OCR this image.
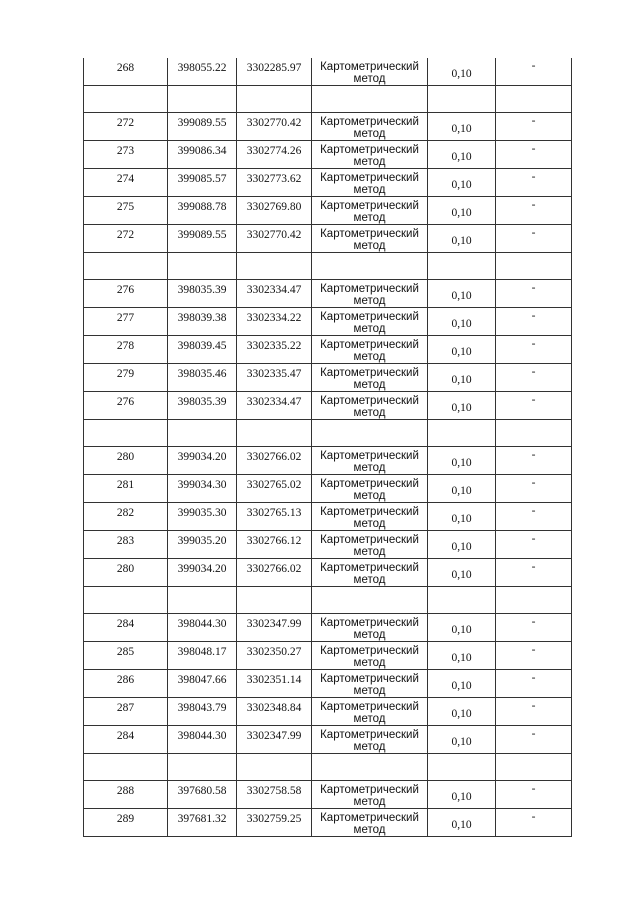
268	398055.22	3302285.97	Картометрический
метод	0,10	-

272	399089.55	3302770.42	Картометрический
метод	0,10	-

273	399086.34	3302774.26	Картометрический
метод	0,10	-

274	399085.57	3302773.62	Картометрический
метод	0,10	-

275	399088.78	3302769.80	Картометрический
метод	0,10	-

272	399089.55	3302770.42	Картометрический
метод	0,10	-

276	398035.39	3302334.47	Картометрический
метод	0,10	-

277	398039.38	3302334.22	Картометрический
метод	0,10	-

278	398039.45	3302335.22	Картометрический
метод	0,10	-

279	398035.46	3302335.47	Картометрический
метод	0,10	-

276	398035.39	3302334.47	Картометрический
метод	0,10	-

280	399034.20	3302766.02	Картометрический
метод	0,10	-

281	399034.30	3302765.02	Картометрический
метод	0,10	-

282	399035.30	3302765.13	Картометрический
метод	0,10	-

283	399035.20	3302766.12	Картометрический
метод	0,10	-

280	399034.20	3302766.02	Картометрический
метод	0,10	-

284	398044.30	3302347.99	Картометрический
метод	0,10	-

285	398048.17	3302350.27	Картометрический
метод	0,10	-

286	398047.66	3302351.14	Картометрический
метод	0,10	-

287	398043.79	3302348.84	Картометрический
метод	0,10	-

284	398044.30	3302347.99	Картометрический
метод	0,10	-

288	397680.58	3302758.58	Картометрический
метод	0,10	-

289	397681.32	3302759.25	Картометрический
метод	0,10	-
